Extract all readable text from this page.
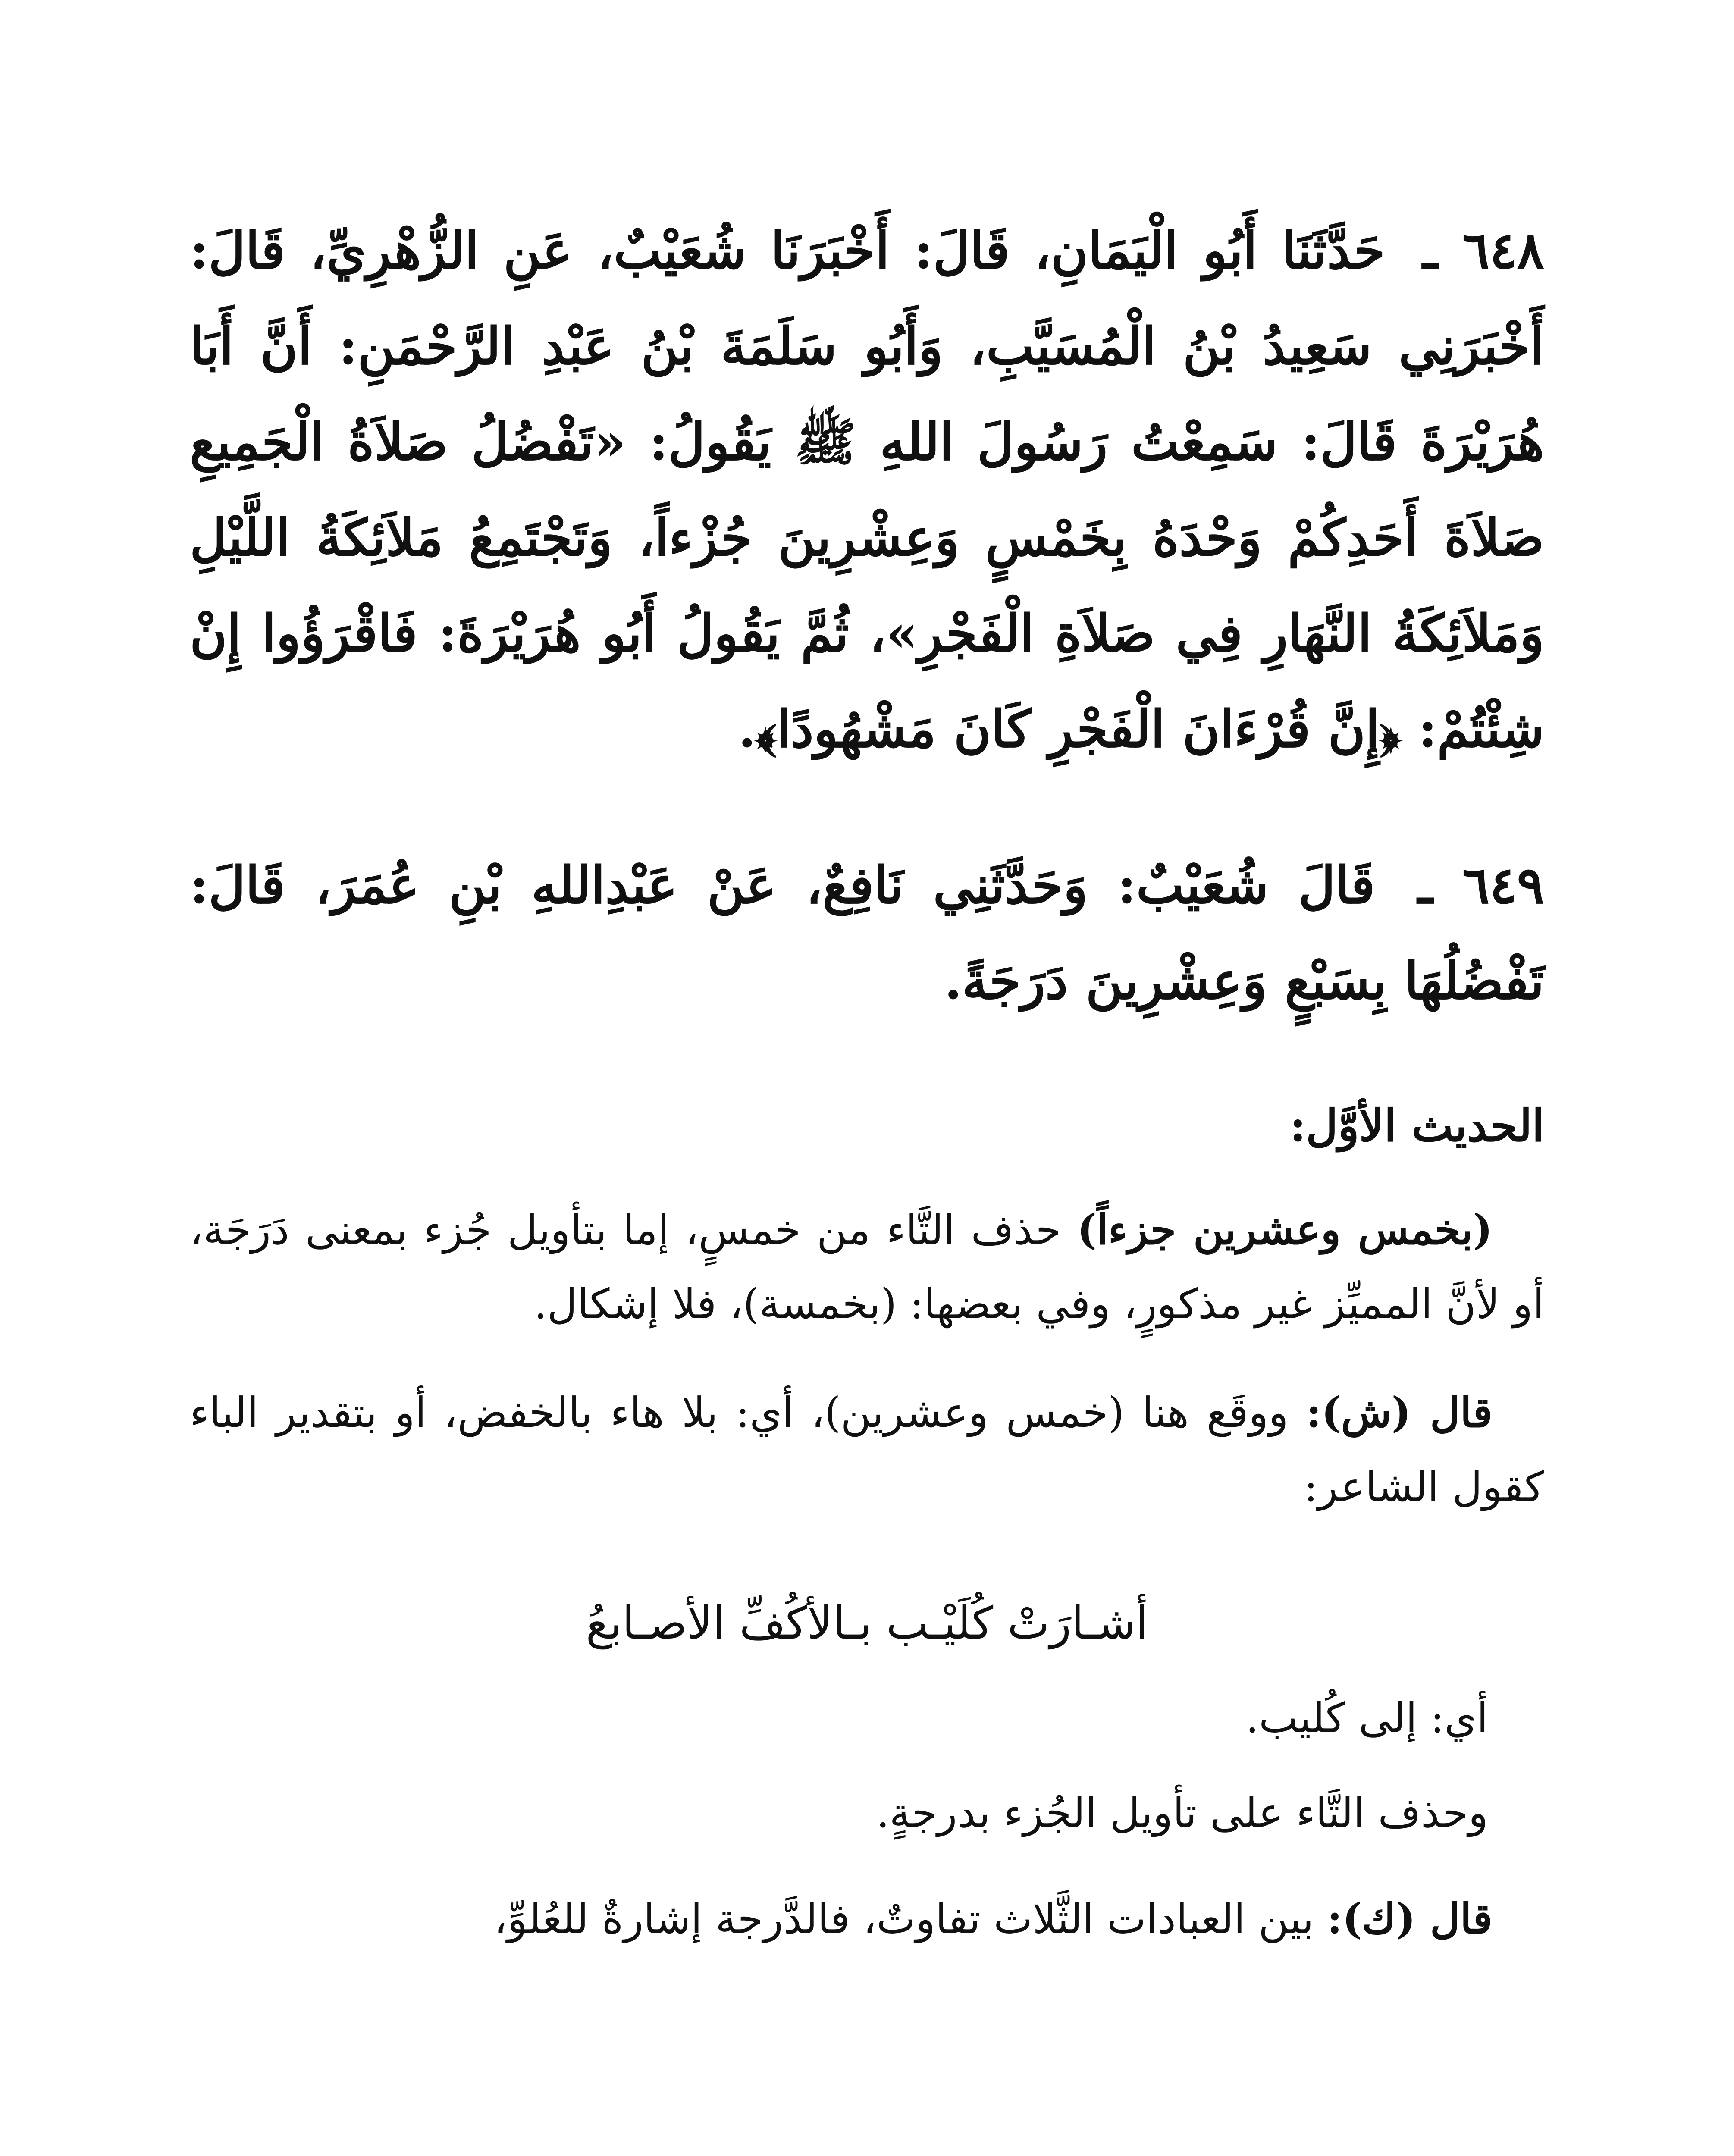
٦٤٨ ـ حَدَّثَنَا أَبُو الْيَمَانِ، قَالَ: أَخْبَرَنَا شُعَيْبٌ، عَنِ الزُّهْرِيِّ، قَالَ: أَخْبَرَنِي سَعِيدُ بْنُ الْمُسَيَّبِ، وَأَبُو سَلَمَةَ بْنُ عَبْدِ الرَّحْمَنِ: أَنَّ أَبَا هُرَيْرَةَ قَالَ: سَمِعْتُ رَسُولَ اللهِ ﷺ يَقُولُ: «تَفْضُلُ صَلاَةُ الْجَمِيعِ صَلاَةَ أَحَدِكُمْ وَحْدَهُ بِخَمْسٍ وَعِشْرِينَ جُزْءاً، وَتَجْتَمِعُ مَلاَئِكَةُ اللَّيْلِ وَمَلاَئِكَةُ النَّهَارِ فِي صَلاَةِ الْفَجْرِ»، ثُمَّ يَقُولُ أَبُو هُرَيْرَةَ: فَاقْرَؤُوا إِنْ شِئْتُمْ: ﴿إِنَّ قُرْءَانَ الْفَجْرِ كَانَ مَشْهُودًا﴾.

٦٤٩ ـ قَالَ شُعَيْبٌ: وَحَدَّثَنِي نَافِعٌ، عَنْ عَبْدِاللهِ بْنِ عُمَرَ، قَالَ: تَفْضُلُهَا بِسَبْعٍ وَعِشْرِينَ دَرَجَةً.

الحديث الأوَّل:

(بخمس وعشرين جزءاً) حذف التَّاء من خمسٍ، إما بتأويل جُزء بمعنى دَرَجَة، أو لأنَّ المميِّز غير مذكورٍ، وفي بعضها: (بخمسة)، فلا إشكال.

قال (ش): ووقَع هنا (خمس وعشرين)، أي: بلا هاء بالخفض، أو بتقدير الباء كقول الشاعر:

أشـارَتْ كُلَيْـب بـالأكُفِّ الأصـابعُ

أي: إلى كُليب.

وحذف التَّاء على تأويل الجُزء بدرجةٍ.

قال (ك): بين العبادات الثَّلاث تفاوتٌ، فالدَّرجة إشارةٌ للعُلوِّ،
